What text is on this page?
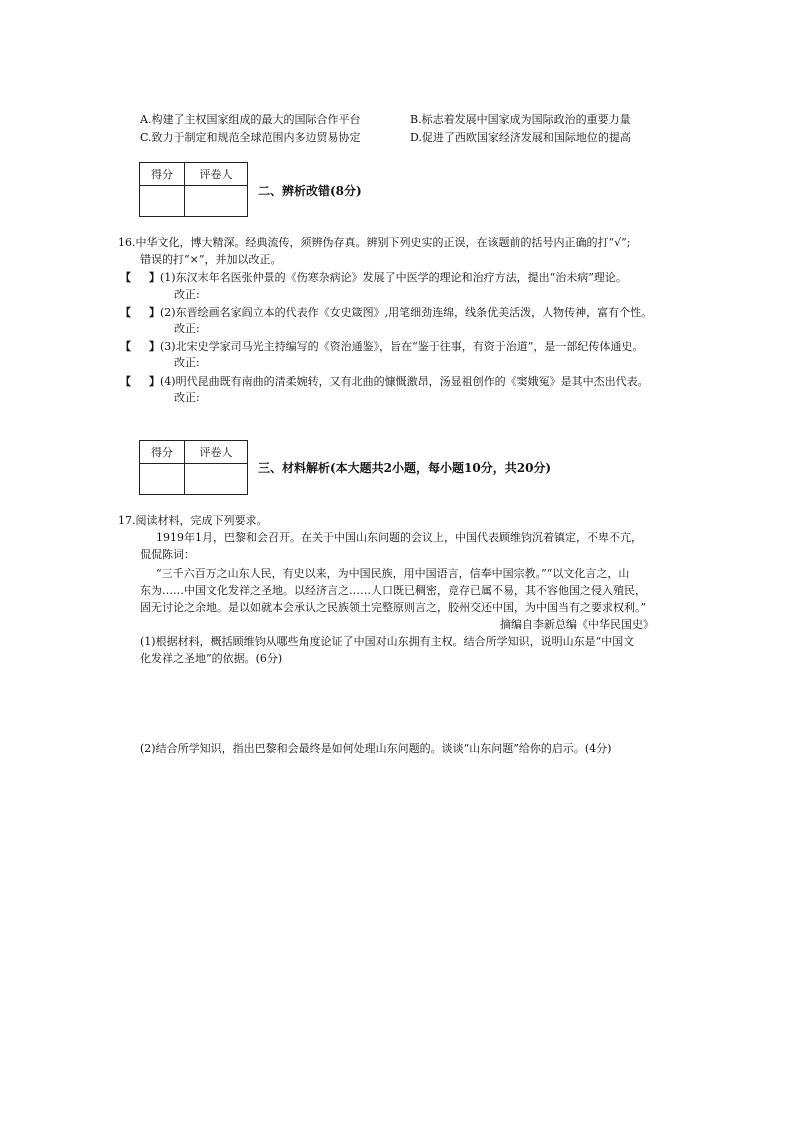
A.构建了主权国家组成的最大的国际合作平台	B.标志着发展中国家成为国际政治的重要力量
C.致力于制定和规范全球范围内多边贸易协定	D.促进了西欧国家经济发展和国际地位的提高
得分	评卷人

二、辨析改错(8分)
16.中华文化，博大精深。经典流传，须辨伪存真。辨别下列史实的正误，在该题前的括号内正确的打“√”;
错误的打“×”，并加以改正。
【 】(1)东汉末年名医张仲景的《伤寒杂病论》发展了中医学的理论和治疗方法，提出“治未病”理论。
改正:
【 】(2)东晋绘画名家阎立本的代表作《女史箴图》,用笔细劲连绵，线条优美活泼，人物传神，富有个性。
改正:
【 】(3)北宋史学家司马光主持编写的《资治通鉴》，旨在“鉴于往事，有资于治道”，是一部纪传体通史。
改正:
【 】(4)明代昆曲既有南曲的清柔婉转，又有北曲的慷慨激昂，汤显祖创作的《窦娥冤》是其中杰出代表。
改正:
得分	评卷人

三、材料解析(本大题共2小题，每小题10分，共20分)
17.阅读材料，完成下列要求。
1919年1月，巴黎和会召开。在关于中国山东问题的会议上，中国代表顾维钧沉着镇定，不卑不亢，
侃侃陈词：
“三千六百万之山东人民，有史以来，为中国民族，用中国语言，信奉中国宗教。”“以文化言之，山
东为……中国文化发祥之圣地。以经济言之……人口既已稠密，竞存已属不易，其不容他国之侵入殖民，
固无讨论之余地。是以如就本会承认之民族领土完整原则言之，胶州交还中国，为中国当有之要求权利。”
摘编自李新总编《中华民国史》
(1)根据材料，概括顾维钧从哪些角度论证了中国对山东拥有主权。结合所学知识，说明山东是“中国文
化发祥之圣地”的依据。(6分)
(2)结合所学知识，指出巴黎和会最终是如何处理山东问题的。谈谈“山东问题”给你的启示。(4分)
